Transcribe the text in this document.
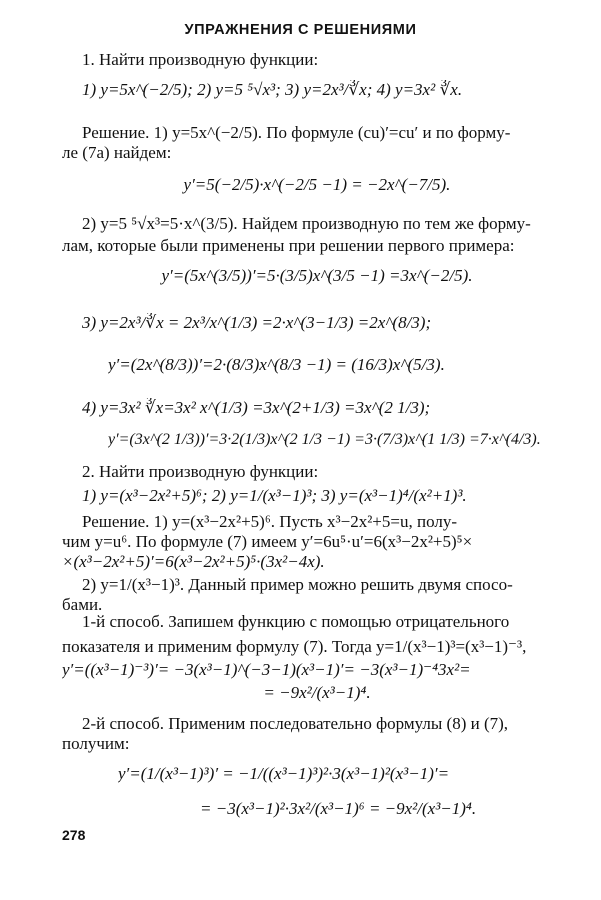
УПРАЖНЕНИЯ С РЕШЕНИЯМИ
1. Найти производную функции:
1) y=5x^(−2/5); 2) y=5 ⁵√x³; 3) y=2x³/∛x; 4) y=3x² ∛x.
Решение. 1) y=5x^(−2/5). По формуле (cu)′=cu′ и по форму-
ле (7а) найдем:
y′=5(−2/5)·x^(−2/5 −1) = −2x^(−7/5).
2) y=5 ⁵√x³=5·x^(3/5). Найдем производную по тем же форму-
лам, которые были применены при решении первого примера:
y′=(5x^(3/5))′=5·(3/5)x^(3/5 −1) =3x^(−2/5).
3) y=2x³/∛x = 2x³/x^(1/3) =2·x^(3−1/3) =2x^(8/3);
y′=(2x^(8/3))′=2·(8/3)x^(8/3 −1) = (16/3)x^(5/3).
4) y=3x² ∛x=3x² x^(1/3) =3x^(2+1/3) =3x^(2 1/3);
y′=(3x^(2 1/3))′=3·2(1/3)x^(2 1/3 −1) =3·(7/3)x^(1 1/3) =7·x^(4/3).
2. Найти производную функции:
1) y=(x³−2x²+5)⁶; 2) y=1/(x³−1)³; 3) y=(x³−1)⁴/(x²+1)³.
Решение. 1) y=(x³−2x²+5)⁶. Пусть x³−2x²+5=u, полу-
чим y=u⁶. По формуле (7) имеем y′=6u⁵·u′=6(x³−2x²+5)⁵×
×(x³−2x²+5)′=6(x³−2x²+5)⁵·(3x²−4x).
2) y=1/(x³−1)³. Данный пример можно решить двумя спосо-
бами.
1-й способ. Запишем функцию с помощью отрицательного
показателя и применим формулу (7). Тогда y=1/(x³−1)³=(x³−1)⁻³,
y′=((x³−1)⁻³)′= −3(x³−1)^(−3−1)(x³−1)′= −3(x³−1)⁻⁴3x²=
= −9x²/(x³−1)⁴.
2-й способ. Применим последовательно формулы (8) и (7),
получим:
y′=(1/(x³−1)³)′ = −1/((x³−1)³)²·3(x³−1)²(x³−1)′=
= −3(x³−1)²·3x²/(x³−1)⁶ = −9x²/(x³−1)⁴.
278
